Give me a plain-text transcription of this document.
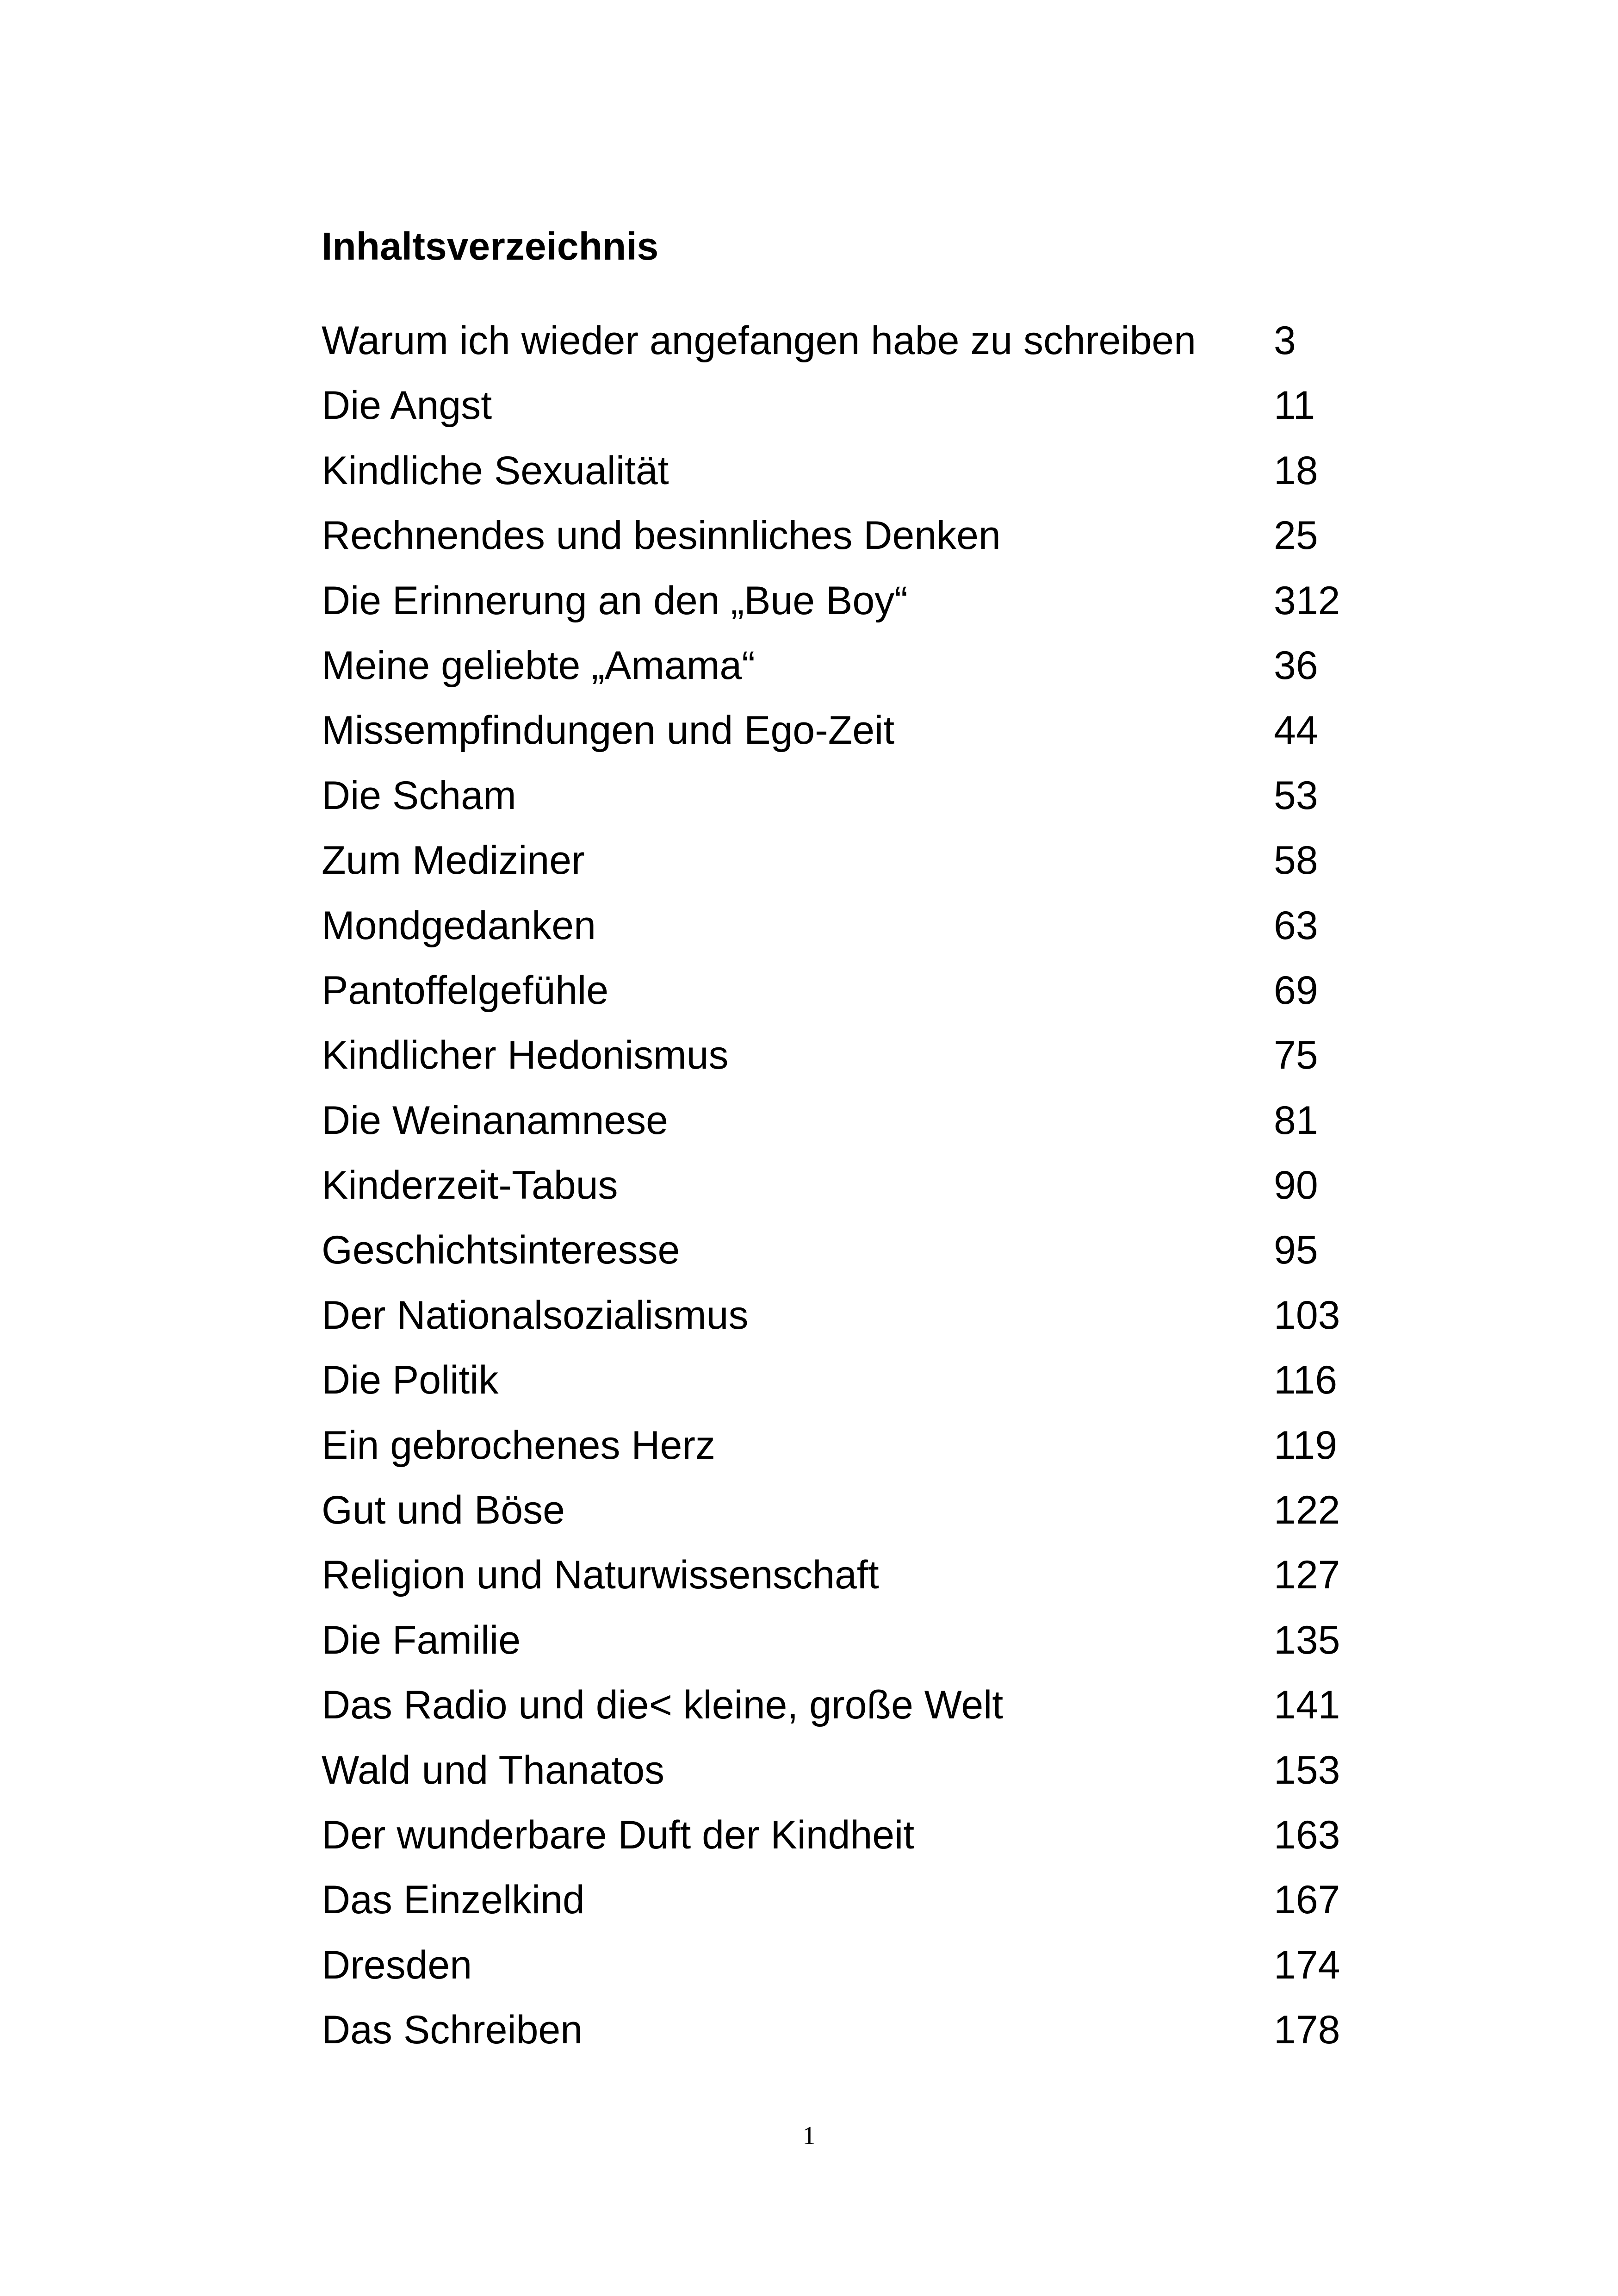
Inhaltsverzeichnis
Warum ich wieder angefangen habe zu schreiben 3
Die Angst	11
Kindliche Sexualität	18
Rechnendes und besinnliches Denken	25
Die Erinnerung an den „Bue Boy“	312
Meine geliebte „Amama“	36
Missempfindungen und Ego-Zeit	44
Die Scham	53
Zum Mediziner	58
Mondgedanken	63
Pantoffelgefühle	69
Kindlicher Hedonismus	75
Die Weinanamnese	81
Kinderzeit-Tabus	90
Geschichtsinteresse	95
Der Nationalsozialismus	103
Die Politik	116
Ein gebrochenes Herz	119
Gut und Böse	122
Religion und Naturwissenschaft	127
Die Familie	135
Das Radio und die< kleine, große Welt	141
Wald und Thanatos	153
Der wunderbare Duft der Kindheit	163
Das Einzelkind	167
Dresden	174
Das Schreiben	178
1
